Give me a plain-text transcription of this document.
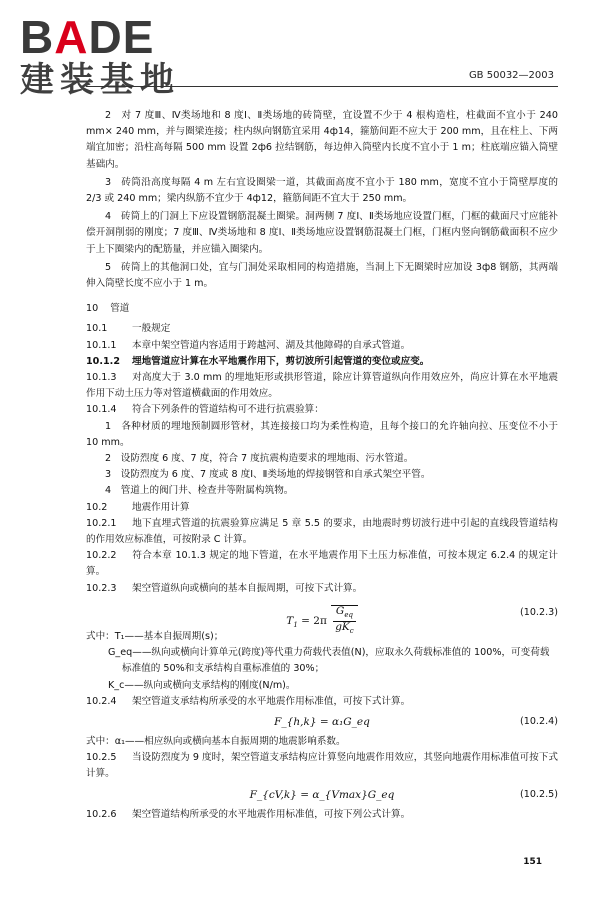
BADE
建装基地	GB 50032—2003

2　对 7 度Ⅲ、Ⅳ类场地和 8 度Ⅰ、Ⅱ类场地的砖筒壁，宜设置不少于 4 根构造柱，柱截面不宜小于 240 mm× 240 mm，并与圈梁连接；柱内纵向钢筋宜采用 4ф14，箍筋间距不应大于 200 mm，且在柱上、下两端宜加密；沿柱高每隔 500 mm 设置 2ф6 拉结钢筋，每边伸入筒壁内长度不宜小于 1 m；柱底端应锚入筒壁基础内。

3　砖筒沿高度每隔 4 m 左右宜设圈梁一道，其截面高度不宜小于 180 mm，宽度不宜小于筒壁厚度的 2/3 或 240 mm；梁内纵筋不宜少于 4ф12，箍筋间距不宜大于 250 mm。

4　砖筒上的门洞上下应设置钢筋混凝土圈梁。洞两侧 7 度Ⅰ、Ⅱ类场地应设置门框，门框的截面尺寸应能补偿开洞削弱的刚度；7 度Ⅲ、Ⅳ类场地和 8 度Ⅰ、Ⅱ类场地应设置钢筋混凝土门框，门框内竖向钢筋截面积不应少于上下圈梁内的配筋量，并应锚入圈梁内。

5　砖筒上的其他洞口处，宜与门洞处采取相同的构造措施，当洞上下无圈梁时应加设 3ф8 钢筋，其两端伸入筒壁长度不应小于 1 m。

10 管道

10.1	一般规定

10.1.1 本章中架空管道内容适用于跨越河、湖及其他障碍的自承式管道。

10.1.2 埋地管道应计算在水平地震作用下，剪切波所引起管道的变位或应变。

10.1.3 对高度大于 3.0 mm 的埋地矩形或拱形管道，除应计算管道纵向作用效应外，尚应计算在水平地震作用下动土压力等对管道横截面的作用效应。

10.1.4 符合下列条件的管道结构可不进行抗震验算：

1　各种材质的埋地预制圆形管材，其连接接口均为柔性构造，且每个接口的允许轴向拉、压变位不小于 10 mm。

2　设防烈度 6 度、7 度，符合 7 度抗震构造要求的埋地雨、污水管道。

3　设防烈度为 6 度、7 度或 8 度Ⅰ、Ⅱ类场地的焊接钢管和自承式架空平管。

4　管道上的阀门井、检查井等附属构筑物。

10.2	地震作用计算

10.2.1 地下直埋式管道的抗震验算应满足 5 章 5.5 的要求，由地震时剪切波行进中引起的直线段管道结构的作用效应标准值，可按附录 C 计算。

10.2.2 符合本章 10.1.3 规定的地下管道，在水平地震作用下土压力标准值，可按本规定 6.2.4 的规定计算。

10.2.3 架空管道纵向或横向的基本自振周期，可按下式计算。

$T_1 = 2\pi$
$G_{eq}$
$gK_c$
(10.2.3)

式中：T₁——基本自振周期(s)；

G_eq——纵向或横向计算单元(跨度)等代重力荷载代表值(N)，应取永久荷载标准值的 100%，可变荷载标准值的 50%和支承结构自重标准值的 30%；

K_c——纵向或横向支承结构的刚度(N/m)。

10.2.4 架空管道支承结构所承受的水平地震作用标准值，可按下式计算。

F_{h,k} = α₁G_eq	(10.2.4)

式中：α₁——相应纵向或横向基本自振周期的地震影响系数。

10.2.5 当设防烈度为 9 度时，架空管道支承结构应计算竖向地震作用效应，其竖向地震作用标准值可按下式计算。

F_{cV,k} = α_{Vmax}G_eq	(10.2.5)

10.2.6 架空管道结构所承受的水平地震作用标准值，可按下列公式计算。

151
